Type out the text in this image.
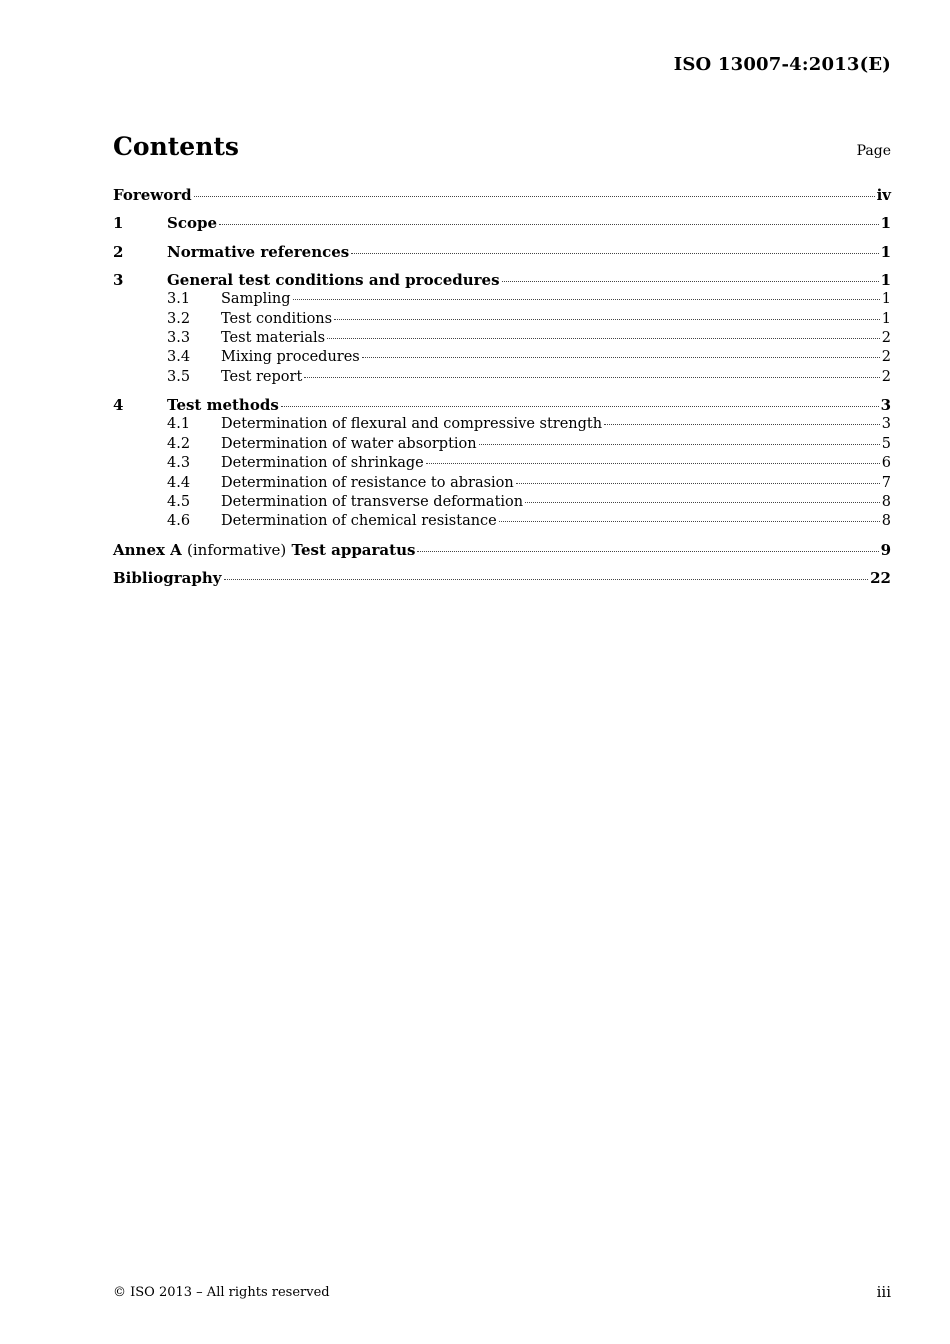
ISO 13007-4:2013(E)
Contents	Page
Foreword	iv
1	Scope	1
2	Normative references	1
3	General test conditions and procedures	1
3.1	Sampling	1
3.2	Test conditions	1
3.3	Test materials	2
3.4	Mixing procedures	2
3.5	Test report	2
4	Test methods	3
4.1	Determination of flexural and compressive strength	3
4.2	Determination of water absorption	5
4.3	Determination of shrinkage	6
4.4	Determination of resistance to abrasion	7
4.5	Determination of transverse deformation	8
4.6	Determination of chemical resistance	8
Annex A (informative) Test apparatus	9
Bibliography	22
© ISO 2013 – All rights reserved	iii
